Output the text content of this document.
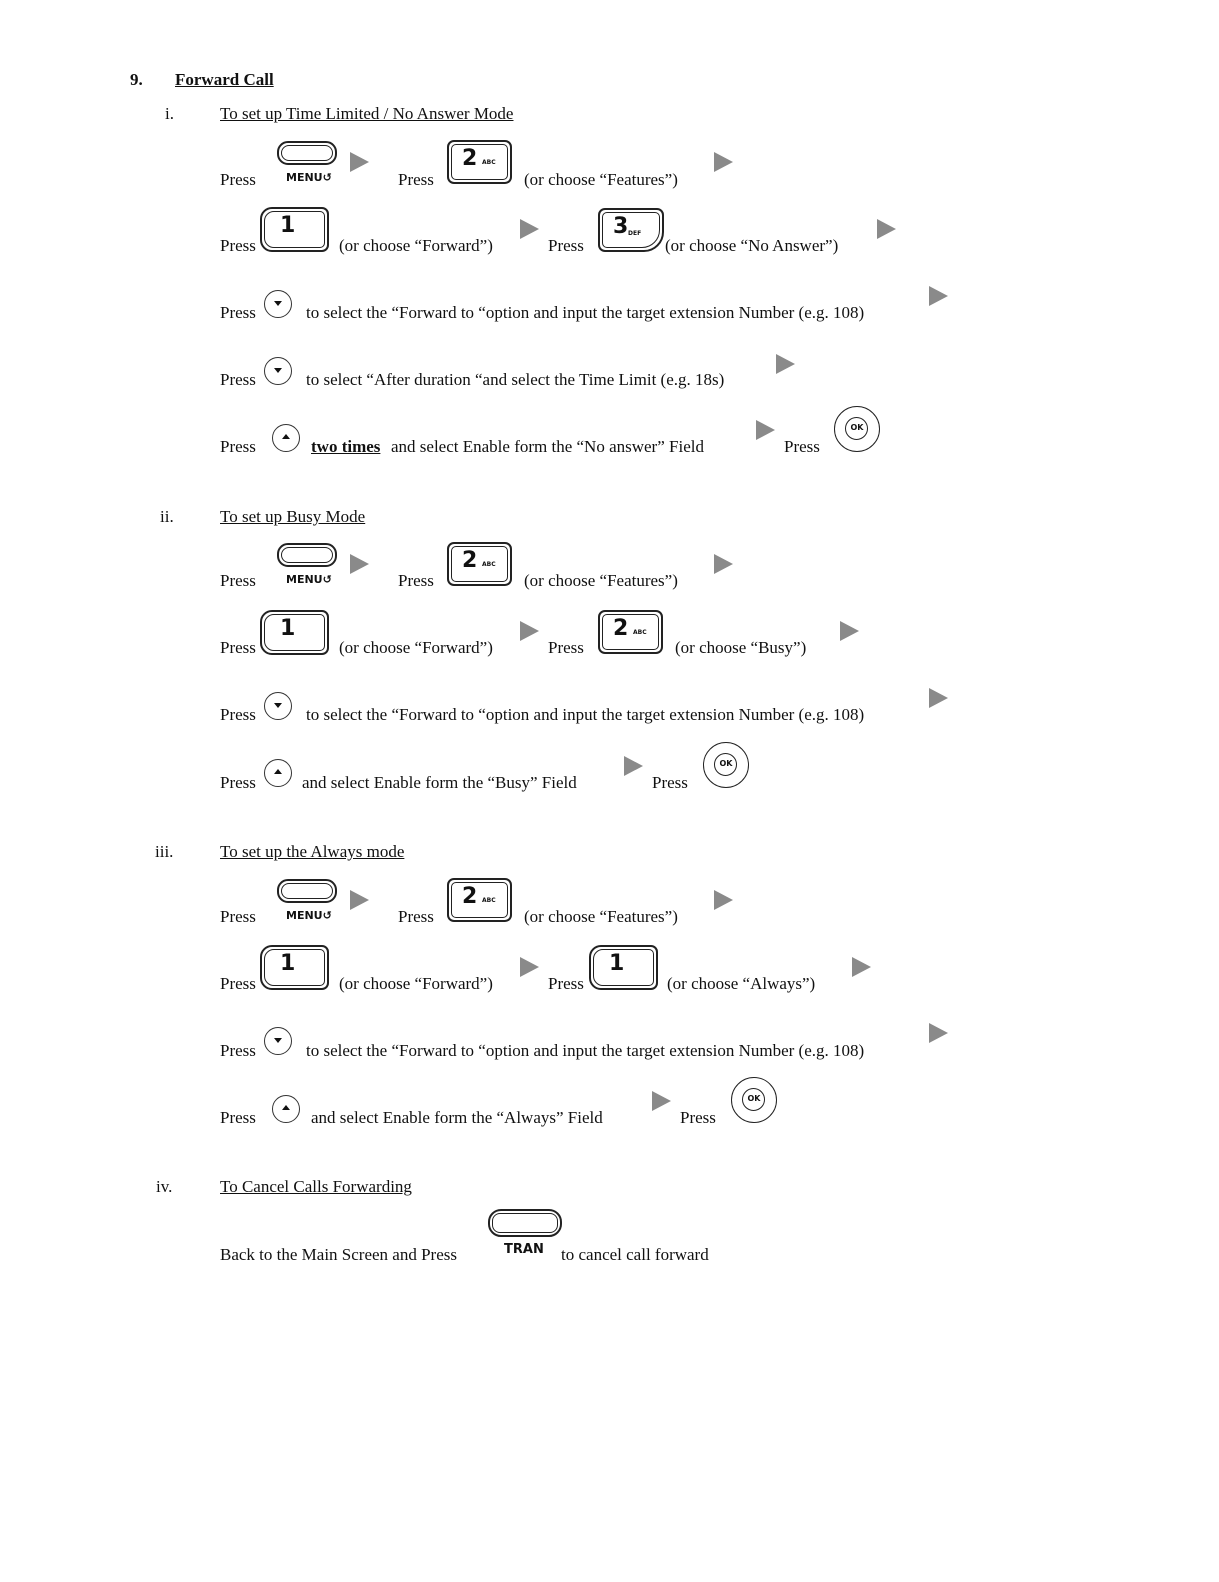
9. Forward Call
i.	To set up Time Limited / No Answer Mode
Press	MENU↺	Press
2 ABC
(or choose “Features”)
Press
1
(or choose “Forward”)	Press
3 DEF
(or choose “No Answer”)
Press	to select the “Forward to “option and input the target extension Number (e.g. 108)
Press	to select “After duration “and select the Time Limit (e.g. 18s)
Press	two times and select Enable form the “No answer” Field	Press
OK
ii.	To set up Busy Mode
Press	MENU↺	Press
2 ABC
(or choose “Features”)
Press
1
(or choose “Forward”)	Press
2 ABC
(or choose “Busy”)
Press	to select the “Forward to “option and input the target extension Number (e.g. 108)
Press	and select Enable form the “Busy” Field	Press
OK
iii.	To set up the Always mode
Press	MENU↺	Press
2 ABC
(or choose “Features”)
Press
1
(or choose “Forward”)	Press
1
(or choose “Always”)
Press	to select the “Forward to “option and input the target extension Number (e.g. 108)
Press	and select Enable form the “Always” Field	Press
OK
iv.	To Cancel Calls Forwarding
Back to the Main Screen and Press	TRAN to cancel call forward
